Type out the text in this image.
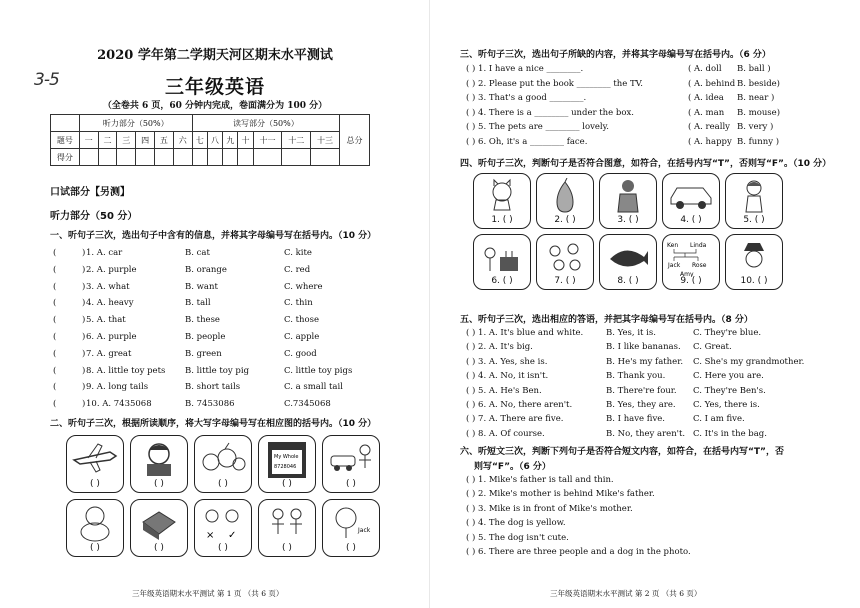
2020 学年第二学期天河区期末水平测试
3-5	三年级英语
（全卷共 6 页，60 分钟内完成，卷面满分为 100 分）
	听力部分（50%）						读写部分（50%）							总分
题号	一	二	三	四	五	六	七	八	九	十	十一	十二	十三	
得分														
口试部分【另测】
听力部分（50 分）
一、听句子三次，选出句子中含有的信息，并将其字母编号写在括号内。（10 分）
(	) 1. A. car	B. cat	C. kite
(	) 2. A. purple	B. orange	C. red
(	) 3. A. what	B. want	C. where
(	) 4. A. heavy	B. tall	C. thin
(	) 5. A. that	B. these	C. those
(	) 6. A. purple	B. people	C. apple
(	) 7. A. great	B. green	C. good
(	) 8. A. little toy pets B. little toy pig	C. little toy pigs
(	) 9. A. long tails	B. short tails	C. a small tail
(	) 10. A. 7435068	B. 7453086	C.7345068
二、听句子三次，根据所读顺序，将大写字母编号写在相应图的括号内。（10 分）
( )	( )	( )
My Whole
8728046
( )	( )
( )	( )
× ✓
( )	( )
Jack
( )
三年级英语期末水平测试 第 1 页 （共 6 页）
三、听句子三次，选出句子所缺的内容，并将其字母编号写在括号内。（6 分）
( ) 1. I have a nice ________.	( A. doll B. ball )
( ) 2. Please put the book ________ the TV.	( A. behind B. beside)
( ) 3. That's a good ________.	( A. idea B. near )
( ) 4. There is a ________ under the box.	( A. man B. mouse)
( ) 5. The pets are ________ lovely.	( A. really B. very )
( ) 6. Oh, it's a ________ face.	( A. happy B. funny )
四、听句子三次，判断句子是否符合图意，如符合，在括号内写“T”，否则写“F”。（10 分）
1. ( )	2. ( )	3. ( )	4. ( )	5. ( )
6. ( )	7. ( )	8. ( )
Ken Linda
Jack Rose
Amy
9. ( )	10. ( )
五、听句子三次，选出相应的答语，并把其字母编号写在括号内。（8 分）
( ) 1. A. It's blue and white.	B. Yes, it is.	C. They're blue.
( ) 2. A. It's big.	B. I like bananas. C. Great.
( ) 3. A. Yes, she is.	B. He's my father. C. She's my grandmother.
( ) 4. A. No, it isn't.	B. Thank you.	C. Here you are.
( ) 5. A. He's Ben.	B. There're four. C. They're Ben's.
( ) 6. A. No, there aren't.	B. Yes, they are. C. Yes, there is.
( ) 7. A. There are five.	B. I have five.	C. I am five.
( ) 8. A. Of course.	B. No, they aren't. C. It's in the bag.
六、听短文三次，判断下列句子是否符合短文内容，如符合，在括号内写“T”，否
则写“F”。（6 分）
( ) 1. Mike's father is tall and thin.
( ) 2. Mike's mother is behind Mike's father.
( ) 3. Mike is in front of Mike's mother.
( ) 4. The dog is yellow.
( ) 5. The dog isn't cute.
( ) 6. There are three people and a dog in the photo.
三年级英语期末水平测试 第 2 页 （共 6 页）
